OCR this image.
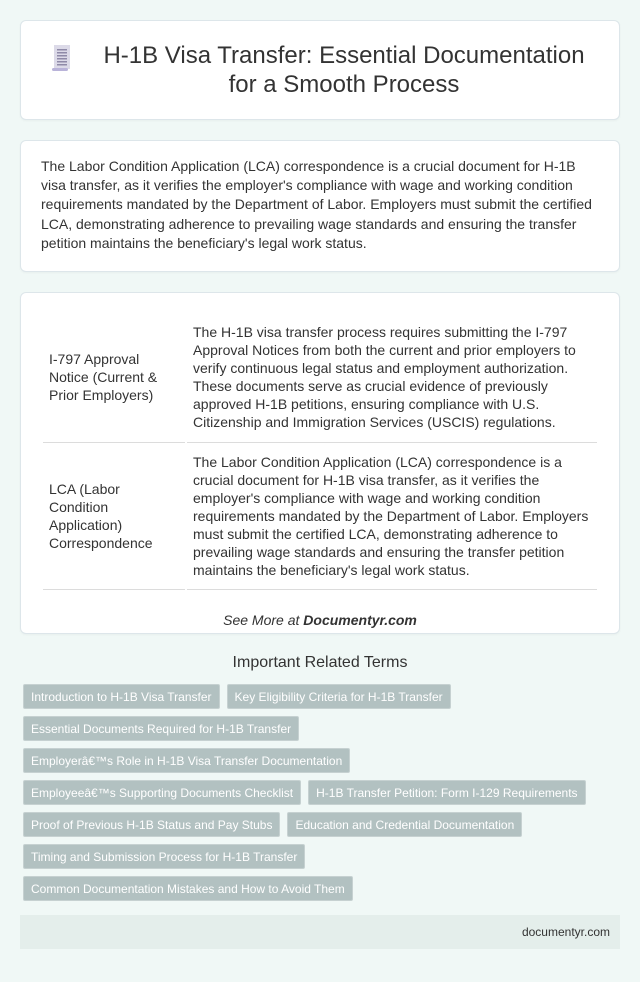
H-1B Visa Transfer: Essential Documentation for a Smooth Process

The Labor Condition Application (LCA) correspondence is a crucial document for H-1B visa transfer, as it verifies the employer's compliance with wage and working condition requirements mandated by the Department of Labor. Employers must submit the certified LCA, demonstrating adherence to prevailing wage standards and ensuring the transfer petition maintains the beneficiary's legal work status.

I-797 Approval Notice (Current & Prior Employers)	The H-1B visa transfer process requires submitting the I-797 Approval Notices from both the current and prior employers to verify continuous legal status and employment authorization. These documents serve as crucial evidence of previously approved H-1B petitions, ensuring compliance with U.S. Citizenship and Immigration Services (USCIS) regulations.
LCA (Labor Condition Application) Correspondence	The Labor Condition Application (LCA) correspondence is a crucial document for H-1B visa transfer, as it verifies the employer's compliance with wage and working condition requirements mandated by the Department of Labor. Employers must submit the certified LCA, demonstrating adherence to prevailing wage standards and ensuring the transfer petition maintains the beneficiary's legal work status.
See More at Documentyr.com
Important Related Terms
Introduction to H-1B Visa Transfer	Key Eligibility Criteria for H-1B Transfer
Essential Documents Required for H-1B Transfer
Employerâ€™s Role in H-1B Visa Transfer Documentation
Employeeâ€™s Supporting Documents Checklist	H-1B Transfer Petition: Form I-129 Requirements
Proof of Previous H-1B Status and Pay Stubs	Education and Credential Documentation
Timing and Submission Process for H-1B Transfer
Common Documentation Mistakes and How to Avoid Them
documentyr.com
